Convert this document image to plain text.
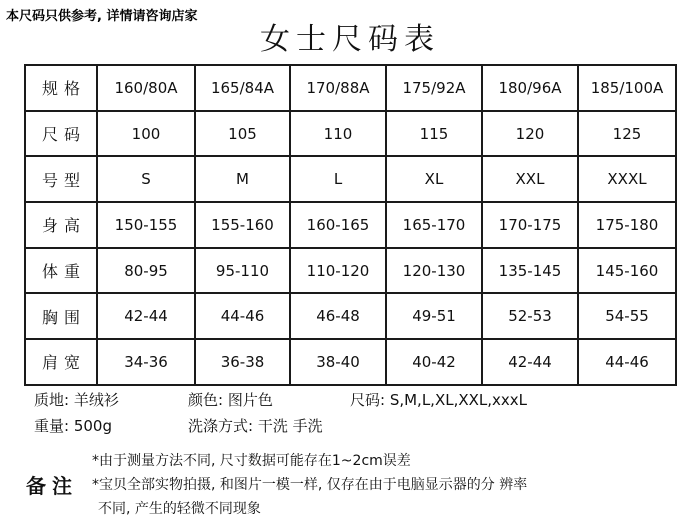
本尺码只供参考, 详情请咨询店家
女士尺码表
规格	160/80A	165/84A	170/88A	175/92A	180/96A	185/100A
尺码	100	105	110	115	120	125
号型	S	M	L	XL	XXL	XXXL
身高	150-155	155-160	160-165	165-170	170-175	175-180
体重	80-95	95-110	110-120	120-130	135-145	145-160
胸围	42-44	44-46	46-48	49-51	52-53	54-55
肩宽	34-36	36-38	38-40	40-42	42-44	44-46
质地: 羊绒衫	颜色: 图片色	尺码: S,M,L,XL,XXL,xxxL
重量: 500g	洗涤方式: 干洗 手洗
备注
*由于测量方法不同, 尺寸数据可能存在1~2cm误差
*宝贝全部实物拍摄, 和图片一模一样, 仅存在由于电脑显示器的分 辨率
不同, 产生的轻微不同现象
